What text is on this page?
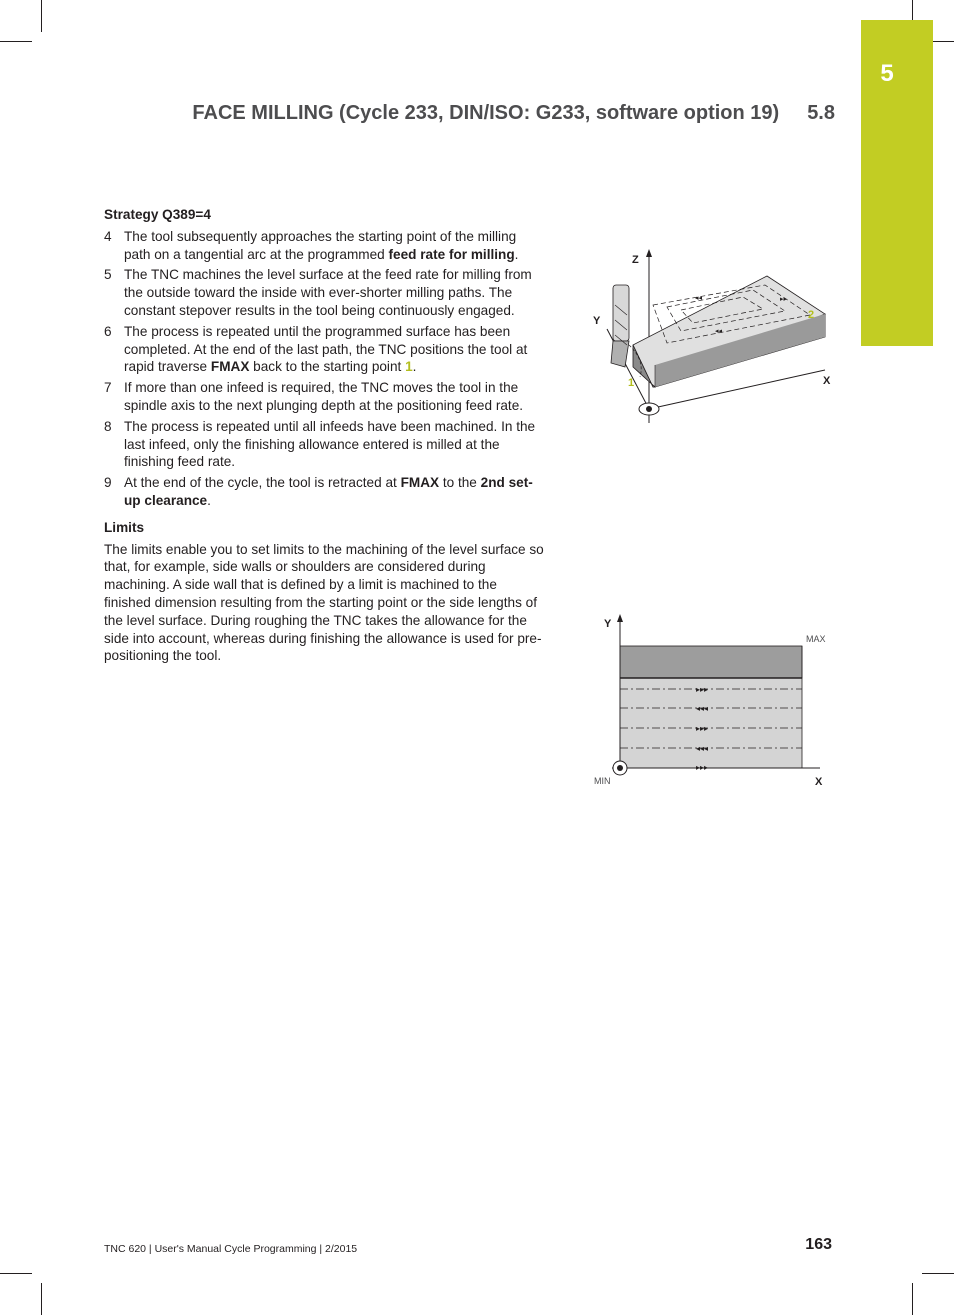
5
FACE MILLING (Cycle 233, DIN/ISO: G233, software option 19) 5.8
Strategy Q389=4
4 The tool subsequently approaches the starting point of the milling path on a tangential arc at the programmed feed rate for milling.
5 The TNC machines the level surface at the feed rate for milling from the outside toward the inside with ever-shorter milling paths. The constant stepover results in the tool being continuously engaged.
6 The process is repeated until the programmed surface has been completed. At the end of the last path, the TNC positions the tool at rapid traverse FMAX back to the starting point 1.
7 If more than one infeed is required, the TNC moves the tool in the spindle axis to the next plunging depth at the positioning feed rate.
8 The process is repeated until all infeeds have been machined. In the last infeed, only the finishing allowance entered is milled at the finishing feed rate.
9 At the end of the cycle, the tool is retracted at FMAX to the 2nd set-up clearance.
Limits

The limits enable you to set limits to the machining of the level surface so that, for example, side walls or shoulders are considered during machining. A side wall that is defined by a limit is machined to the finished dimension resulting from the starting point or the side lengths of the level surface. During roughing the TNC takes the allowance for the side into account, whereas during finishing the allowance is used for pre-positioning the tool.

◂◂
◂◂	▸▸
Z
Y
X
1
2
▸▸▸
◂◂◂
▸▸▸
◂◂◂
▸▸▸
Y
X
MAX
MIN
TNC 620 | User's Manual Cycle Programming | 2/2015	163
